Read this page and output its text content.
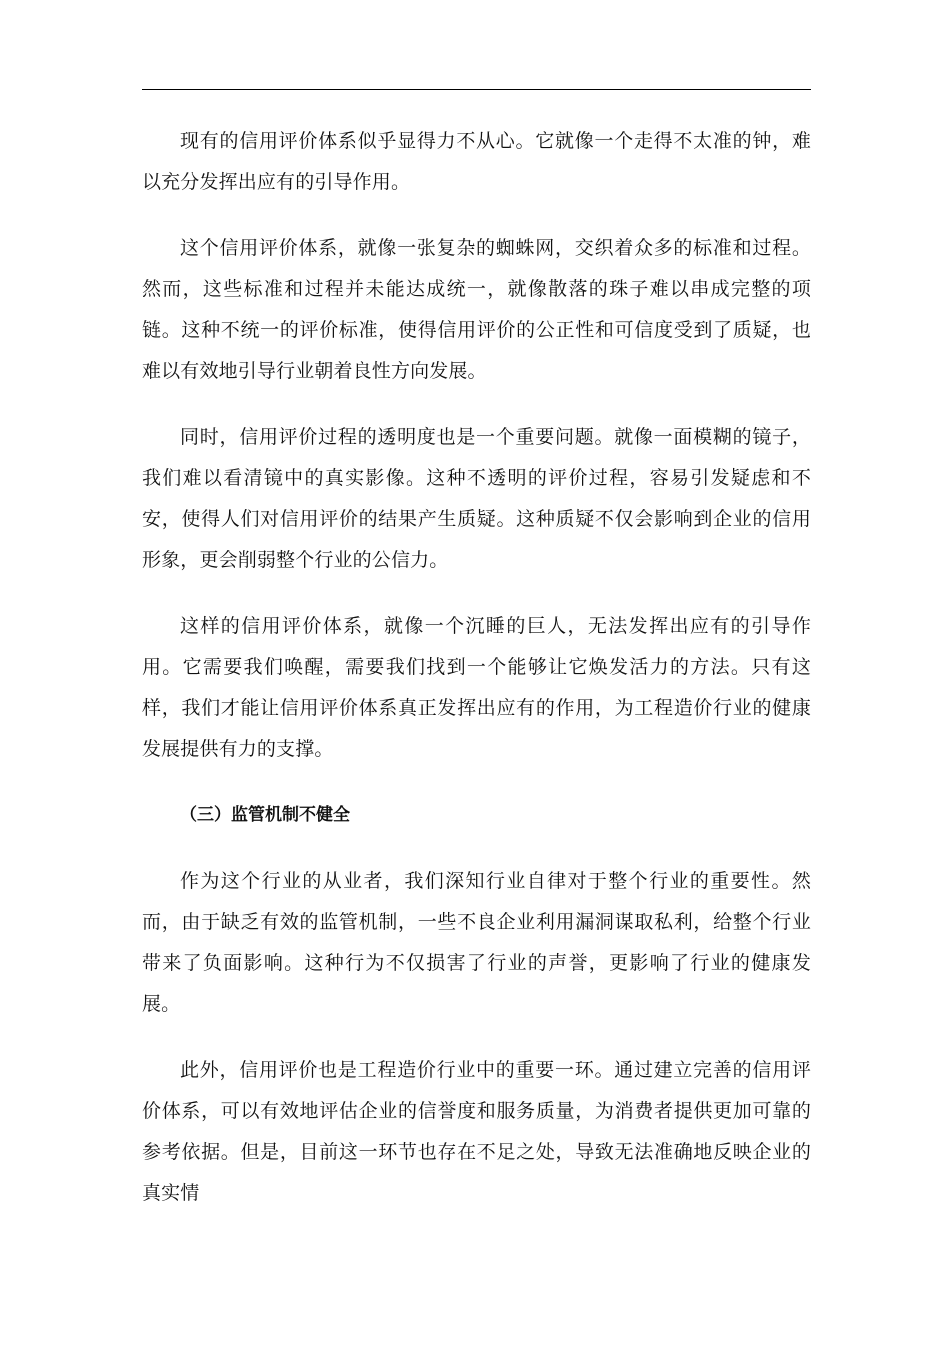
现有的信用评价体系似乎显得力不从心。它就像一个走得不太准的钟，难以充分发挥出应有的引导作用。

这个信用评价体系，就像一张复杂的蜘蛛网，交织着众多的标准和过程。然而，这些标准和过程并未能达成统一，就像散落的珠子难以串成完整的项链。这种不统一的评价标准，使得信用评价的公正性和可信度受到了质疑，也难以有效地引导行业朝着良性方向发展。

同时，信用评价过程的透明度也是一个重要问题。就像一面模糊的镜子，我们难以看清镜中的真实影像。这种不透明的评价过程，容易引发疑虑和不安，使得人们对信用评价的结果产生质疑。这种质疑不仅会影响到企业的信用形象，更会削弱整个行业的公信力。

这样的信用评价体系，就像一个沉睡的巨人，无法发挥出应有的引导作用。它需要我们唤醒，需要我们找到一个能够让它焕发活力的方法。只有这样，我们才能让信用评价体系真正发挥出应有的作用，为工程造价行业的健康发展提供有力的支撑。

（三）监管机制不健全

作为这个行业的从业者，我们深知行业自律对于整个行业的重要性。然而，由于缺乏有效的监管机制，一些不良企业利用漏洞谋取私利，给整个行业带来了负面影响。这种行为不仅损害了行业的声誉，更影响了行业的健康发展。

此外，信用评价也是工程造价行业中的重要一环。通过建立完善的信用评价体系，可以有效地评估企业的信誉度和服务质量，为消费者提供更加可靠的参考依据。但是，目前这一环节也存在不足之处，导致无法准确地反映企业的真实情
